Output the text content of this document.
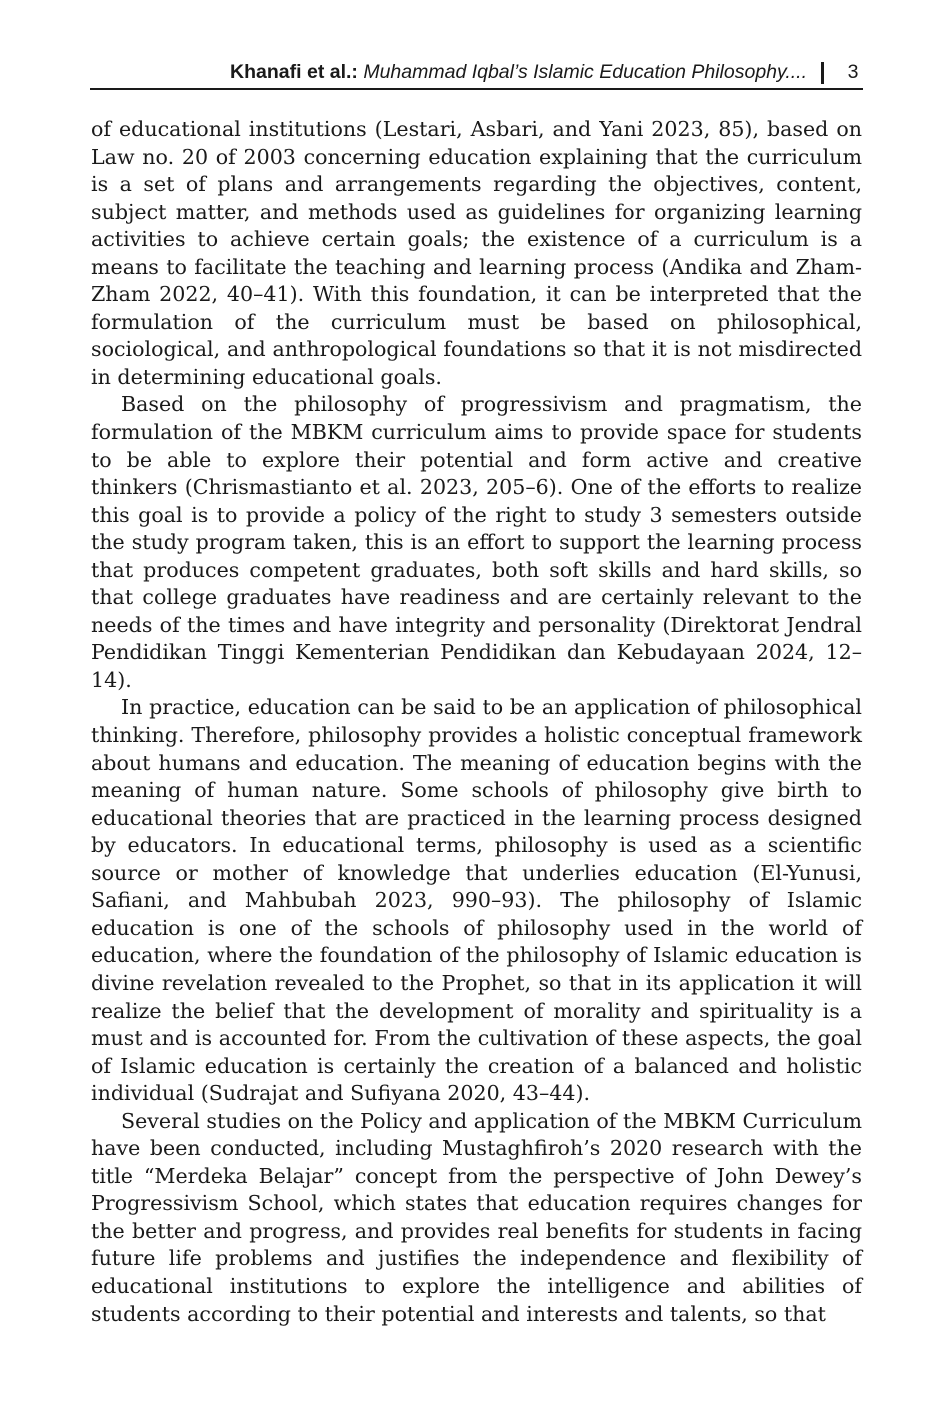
Khanafi et al.: Muhammad Iqbal’s Islamic Education Philosophy.... 3

of educational institutions (Lestari, Asbari, and Yani 2023, 85), based on Law no. 20 of 2003 concerning education explaining that the curriculum is a set of plans and arrangements regarding the objectives, content, subject matter, and methods used as guidelines for organizing learning activities to achieve certain goals; the existence of a curriculum is a means to facilitate the teaching and learning process (Andika and Zham-Zham 2022, 40–41). With this foundation, it can be interpreted that the formulation of the curriculum must be based on philosophical, sociological, and anthropological foundations so that it is not misdirected in determining educational goals.

Based on the philosophy of progressivism and pragmatism, the formulation of the MBKM curriculum aims to provide space for students to be able to explore their potential and form active and creative thinkers (Chrismastianto et al. 2023, 205–6). One of the efforts to realize this goal is to provide a policy of the right to study 3 semesters outside the study program taken, this is an effort to support the learning process that produces competent graduates, both soft skills and hard skills, so that college graduates have readiness and are certainly relevant to the needs of the times and have integrity and personality (Direktorat Jendral Pendidikan Tinggi Kementerian Pendidikan dan Kebudayaan 2024, 12–14).

In practice, education can be said to be an application of philosophical thinking. Therefore, philosophy provides a holistic conceptual framework about humans and education. The meaning of education begins with the meaning of human nature. Some schools of philosophy give birth to educational theories that are practiced in the learning process designed by educators. In educational terms, philosophy is used as a scientific source or mother of knowledge that underlies education (El-Yunusi, Safiani, and Mahbubah 2023, 990–93). The philosophy of Islamic education is one of the schools of philosophy used in the world of education, where the foundation of the philosophy of Islamic education is divine revelation revealed to the Prophet, so that in its application it will realize the belief that the development of morality and spirituality is a must and is accounted for. From the cultivation of these aspects, the goal of Islamic education is certainly the creation of a balanced and holistic individual (Sudrajat and Sufiyana 2020, 43–44).

Several studies on the Policy and application of the MBKM Curriculum have been conducted, including Mustaghfiroh’s 2020 research with the title “Merdeka Belajar” concept from the perspective of John Dewey’s Progressivism School, which states that education requires changes for the better and progress, and provides real benefits for students in facing future life problems and justifies the independence and flexibility of educational institutions to explore the intelligence and abilities of students according to their potential and interests and talents, so that
